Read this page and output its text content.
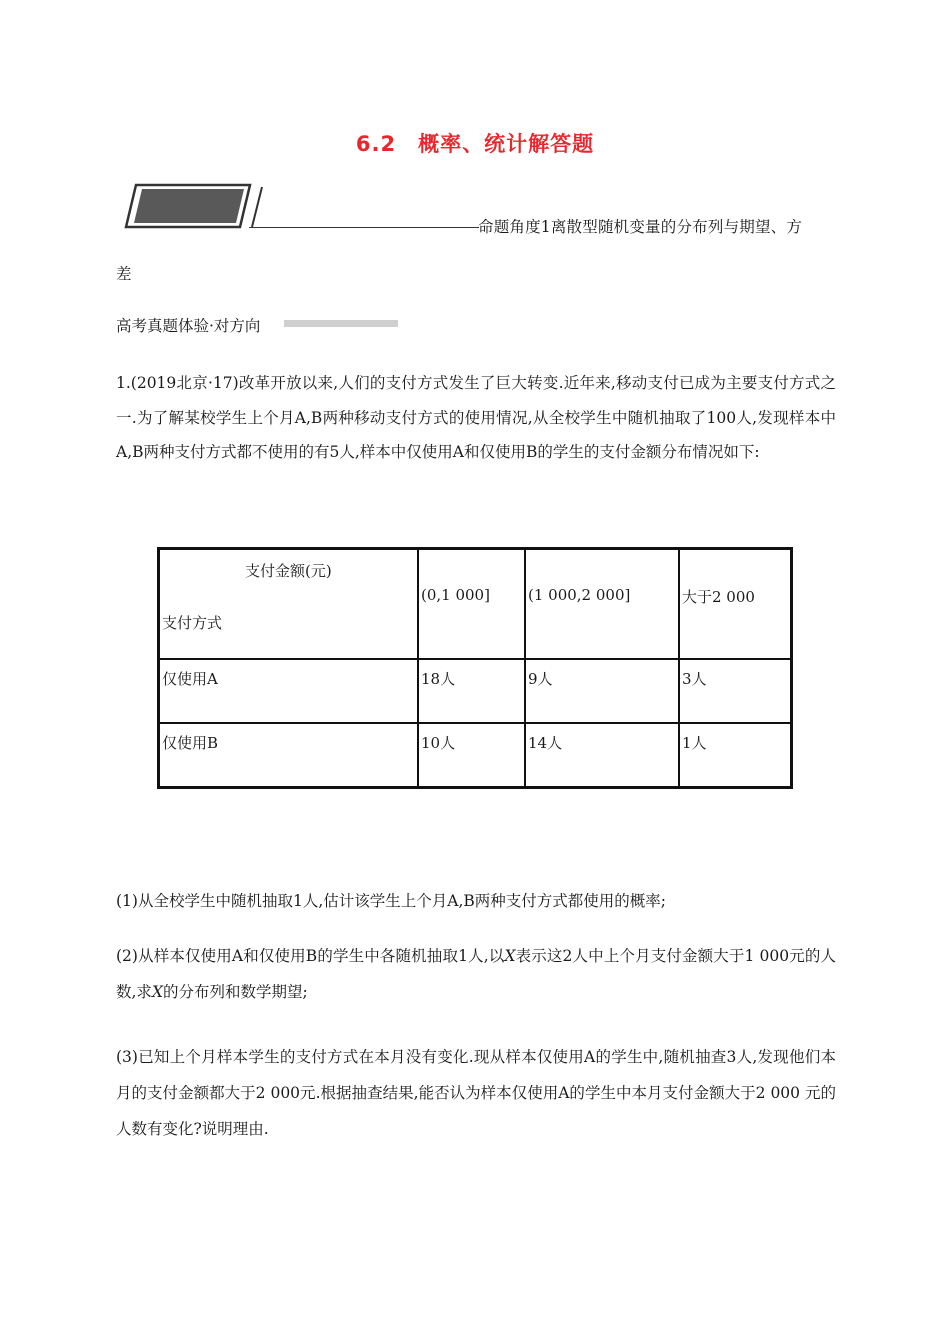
6.2　概率、统计解答题
命题角度1离散型随机变量的分布列与期望、方
差
高考真题体验·对方向
1.(2019北京·17)改革开放以来,人们的支付方式发生了巨大转变.近年来,移动支付已成为主要支付方式之一.为了解某校学生上个月A,B两种移动支付方式的使用情况,从全校学生中随机抽取了100人,发现样本中A,B两种支付方式都不使用的有5人,样本中仅使用A和仅使用B的学生的支付金额分布情况如下:
支付金额(元)
支付方式	(0,1 000]	(1 000,2 000]	大于2 000
仅使用A	18人	9人	3人
仅使用B	10人	14人	1人
(1)从全校学生中随机抽取1人,估计该学生上个月A,B两种支付方式都使用的概率;
(2)从样本仅使用A和仅使用B的学生中各随机抽取1人,以X表示这2人中上个月支付金额大于1 000元的人数,求X的分布列和数学期望;
(3)已知上个月样本学生的支付方式在本月没有变化.现从样本仅使用A的学生中,随机抽查3人,发现他们本月的支付金额都大于2 000元.根据抽查结果,能否认为样本仅使用A的学生中本月支付金额大于2 000 元的人数有变化?说明理由.
